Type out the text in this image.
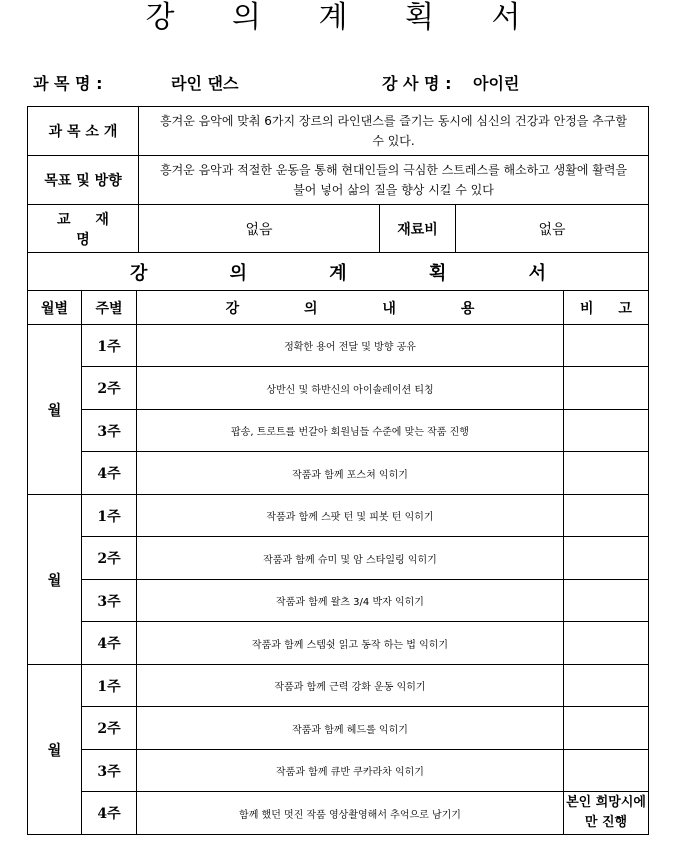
강 의 계 획 서
과 목 명 :	라인 댄스	강 사 명 : 아이린
과 목 소 개	흥겨운 음악에 맞춰 6가지 장르의 라인댄스를 즐기는 동시에 심신의 건강과 안정을 추구할 수 있다.		
목표 및 방향	흥겨운 음악과 적절한 운동을 통해 현대인들의 극심한 스트레스를 해소하고 생활에 활력을 불어 넣어 삶의 질을 향상 시킬 수 있다		
교 재 명	없음	재료비	없음
강 의 계 획 서			
월별	주별	강 의 내 용	비 고
월	1주	정확한 용어 전달 및 방향 공유	
	2주	상반신 및 하반신의 아이솔레이션 티칭	
	3주	팝송, 트로트를 번갈아 회원님들 수준에 맞는 작품 진행	
	4주	작품과 함께 포스쳐 익히기	
월	1주	작품과 함께 스팟 턴 및 피봇 턴 익히기	
	2주	작품과 함께 슈미 및 암 스타일링 익히기	
	3주	작품과 함께 왈츠 3/4 박자 익히기	
	4주	작품과 함께 스텝쉿 읽고 동작 하는 법 익히기	
월	1주	작품과 함께 근력 강화 운동 익히기	
	2주	작품과 함께 헤드롤 익히기	
	3주	작품과 함께 큐반 쿠카라차 익히기	
	4주	함께 했던 멋진 작품 영상촬영해서 추억으로 남기기	본인 희망시에만 진행
